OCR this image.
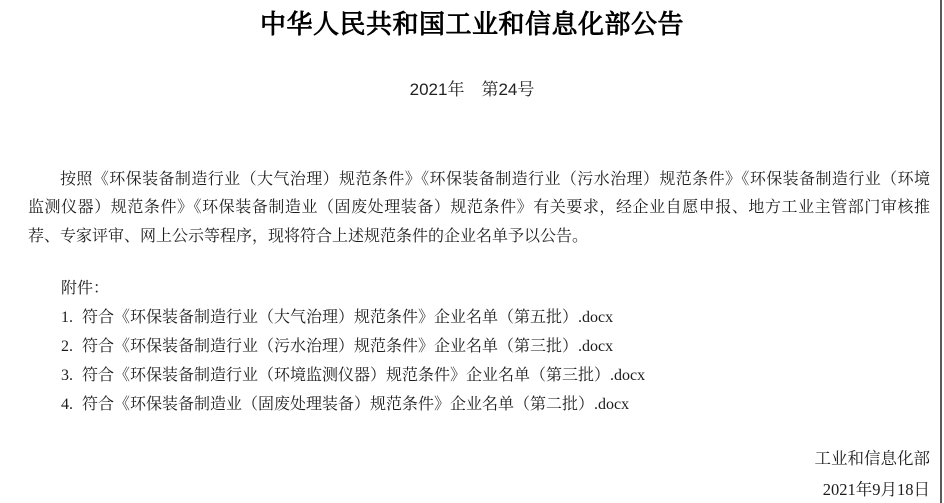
中华人民共和国工业和信息化部公告
2021年　第24号
按照《环保装备制造行业（大气治理）规范条件》《环保装备制造行业（污水治理）规范条件》《环保装备制造行业（环境
监测仪器）规范条件》《环保装备制造业（固废处理装备）规范条件》有关要求，经企业自愿申报、地方工业主管部门审核推
荐、专家评审、网上公示等程序，现将符合上述规范条件的企业名单予以公告。
附件：
1. 符合《环保装备制造行业（大气治理）规范条件》企业名单（第五批）.docx
2. 符合《环保装备制造行业（污水治理）规范条件》企业名单（第三批）.docx
3. 符合《环保装备制造行业（环境监测仪器）规范条件》企业名单（第三批）.docx
4. 符合《环保装备制造业（固废处理装备）规范条件》企业名单（第二批）.docx
工业和信息化部
2021年9月18日
